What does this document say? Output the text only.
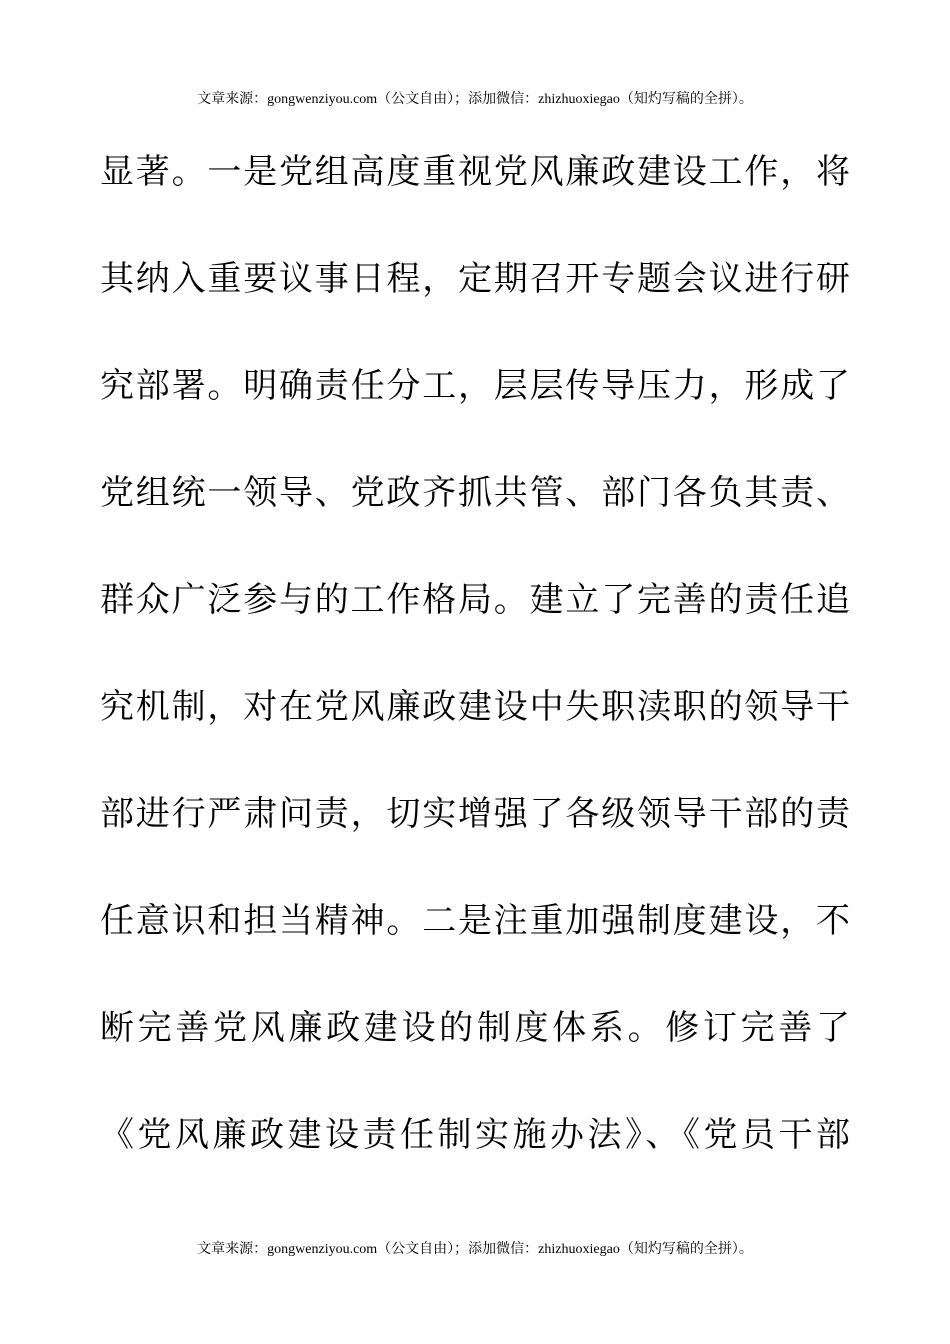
文章来源：gongwenziyou.com（公文自由）；添加微信：zhizhuoxiegao（知灼写稿的全拼）。
显著。一是党组高度重视党风廉政建设工作，将
其纳入重要议事日程，定期召开专题会议进行研
究部署。明确责任分工，层层传导压力，形成了
党组统一领导、党政齐抓共管、部门各负其责、
群众广泛参与的工作格局。建立了完善的责任追
究机制，对在党风廉政建设中失职渎职的领导干
部进行严肃问责，切实增强了各级领导干部的责
任意识和担当精神。二是注重加强制度建设，不
断完善党风廉政建设的制度体系。修订完善了
《党风廉政建设责任制实施办法》、《党员干部
文章来源：gongwenziyou.com（公文自由）；添加微信：zhizhuoxiegao（知灼写稿的全拼）。
